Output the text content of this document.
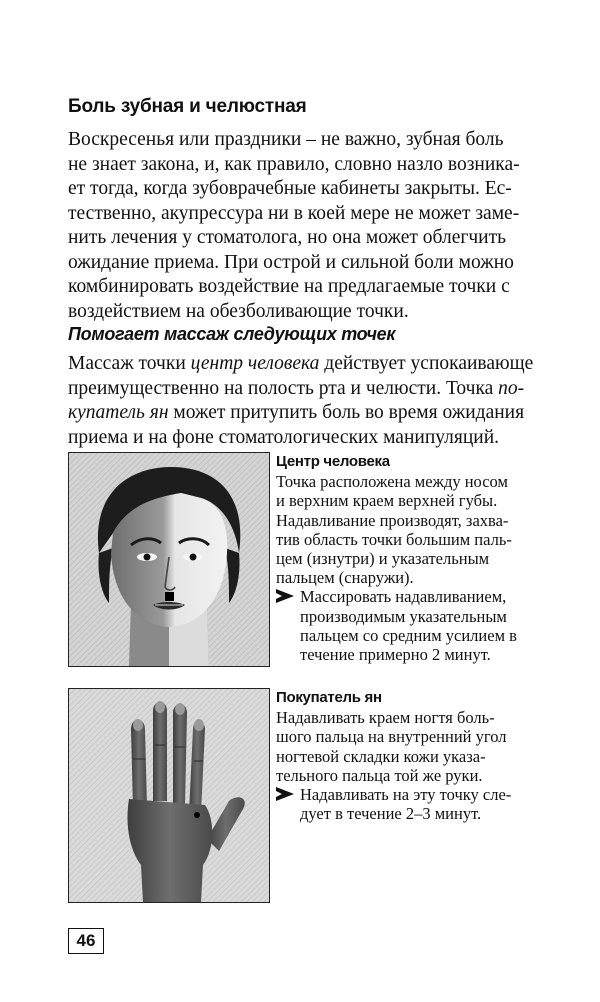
Боль зубная и челюстная

Воскресенья или праздники – не важно, зубная боль
не знает закона, и, как правило, словно назло возника-
ет тогда, когда зубоврачебные кабинеты закрыты. Ес-
тественно, акупрессура ни в коей мере не может заме-
нить лечения у стоматолога, но она может облегчить
ожидание приема. При острой и сильной боли можно
комбинировать воздействие на предлагаемые точки с
воздействием на обезболивающие точки.

Помогает массаж следующих точек

Массаж точки центр человека действует успокаивающе
преимущественно на полость рта и челюсти. Точка по-
купатель ян может притупить боль во время ожидания
приема и на фоне стоматологических манипуляций.

Центр человека
Точка расположена между носом
и верхним краем верхней губы.
Надавливание производят, захва-
тив область точки большим паль-
цем (изнутри) и указательным
пальцем (снаружи).
Массировать надавливанием,
производимым указательным
пальцем со средним усилием в
течение примерно 2 минут.
Покупатель ян
Надавливать краем ногтя боль-
шого пальца на внутренний угол
ногтевой складки кожи указа-
тельного пальца той же руки.
Надавливать на эту точку сле-
дует в течение 2–3 минут.
46
